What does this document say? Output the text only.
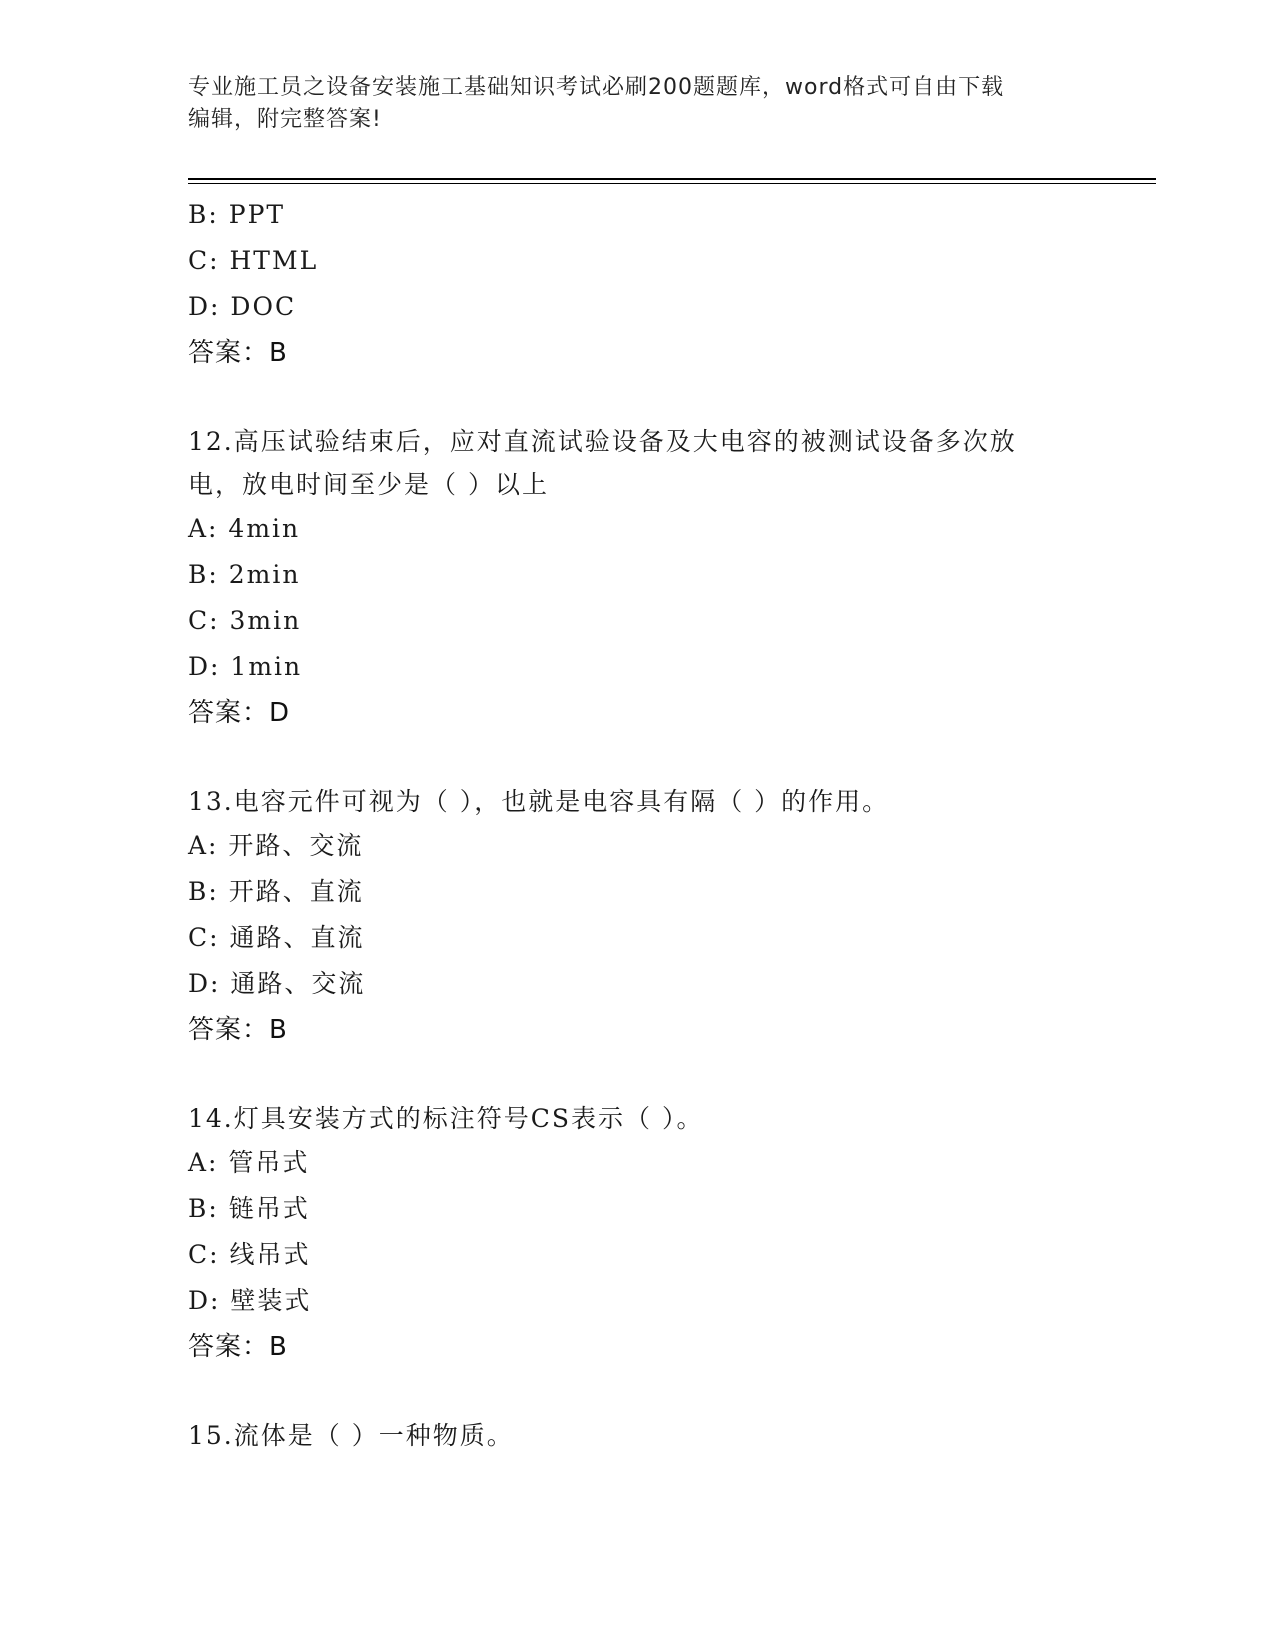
专业施工员之设备安装施工基础知识考试必刷200题题库，word格式可自由下载
编辑，附完整答案!
B: PPT
C: HTML
D: DOC
答案：B
12.高压试验结束后，应对直流试验设备及大电容的被测试设备多次放
电，放电时间至少是（ ）以上
A: 4min
B: 2min
C: 3min
D: 1min
答案：D
13.电容元件可视为（ ），也就是电容具有隔（ ）的作用。
A: 开路、交流
B: 开路、直流
C: 通路、直流
D: 通路、交流
答案：B
14.灯具安装方式的标注符号CS表示（ ）。
A: 管吊式
B: 链吊式
C: 线吊式
D: 壁装式
答案：B
15.流体是（ ）一种物质。
